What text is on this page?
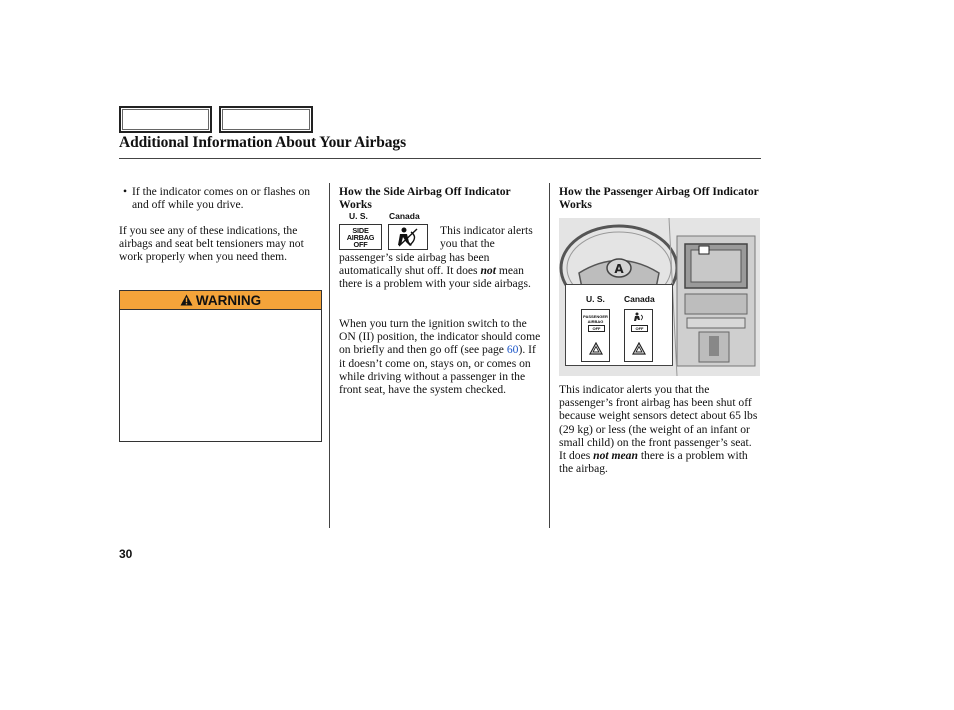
Additional Information About Your Airbags
• If the indicator comes on or flashes on and off while you drive.
If you see any of these indications, the airbags and seat belt tensioners may not work properly when you need them.
WARNING
How the Side Airbag Off Indicator Works
U. S. Canada
SIDE AIRBAG OFF
This indicator alerts you that the
passenger’s side airbag has been automatically shut off. It does not mean there is a problem with your side airbags.
When you turn the ignition switch to the ON (II) position, the indicator should come on briefly and then go off (see page 60). If it doesn’t come on, stays on, or comes on while driving without a passenger in the front seat, have the system checked.
How the Passenger Airbag Off Indicator Works
A
U. S. Canada
PASSENGER AIRBAG
OFF	OFF
This indicator alerts you that the passenger’s front airbag has been shut off because weight sensors detect about 65 lbs (29 kg) or less (the weight of an infant or small child) on the front passenger’s seat. It does not mean there is a problem with the airbag.
30
